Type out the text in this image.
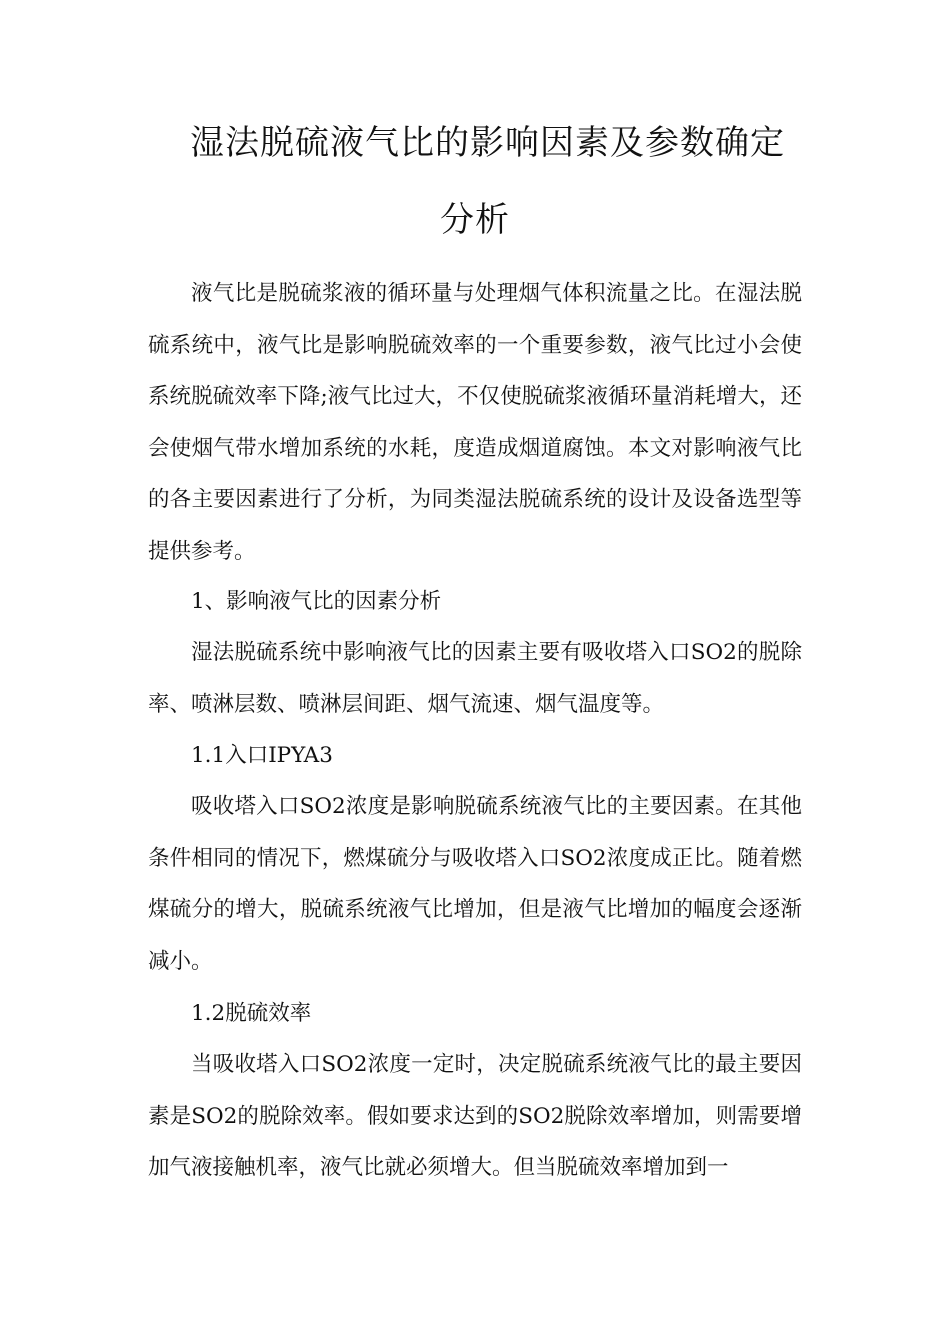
湿法脱硫液气比的影响因素及参数确定
分析

液气比是脱硫浆液的循环量与处理烟气体积流量之比。在湿法脱硫系统中，液气比是影响脱硫效率的一个重要参数，液气比过小会使系统脱硫效率下降;液气比过大，不仅使脱硫浆液循环量消耗增大，还会使烟气带水增加系统的水耗，度造成烟道腐蚀。本文对影响液气比的各主要因素进行了分析，为同类湿法脱硫系统的设计及设备选型等提供参考。

1、影响液气比的因素分析

湿法脱硫系统中影响液气比的因素主要有吸收塔入口SO2的脱除率、喷淋层数、喷淋层间距、烟气流速、烟气温度等。

1.1入口IPYA3

吸收塔入口SO2浓度是影响脱硫系统液气比的主要因素。在其他条件相同的情况下，燃煤硫分与吸收塔入口SO2浓度成正比。随着燃煤硫分的增大，脱硫系统液气比增加，但是液气比增加的幅度会逐渐减小。

1.2脱硫效率

当吸收塔入口SO2浓度一定时，决定脱硫系统液气比的最主要因素是SO2的脱除效率。假如要求达到的SO2脱除效率增加，则需要增加气液接触机率，液气比就必须增大。但当脱硫效率增加到一
